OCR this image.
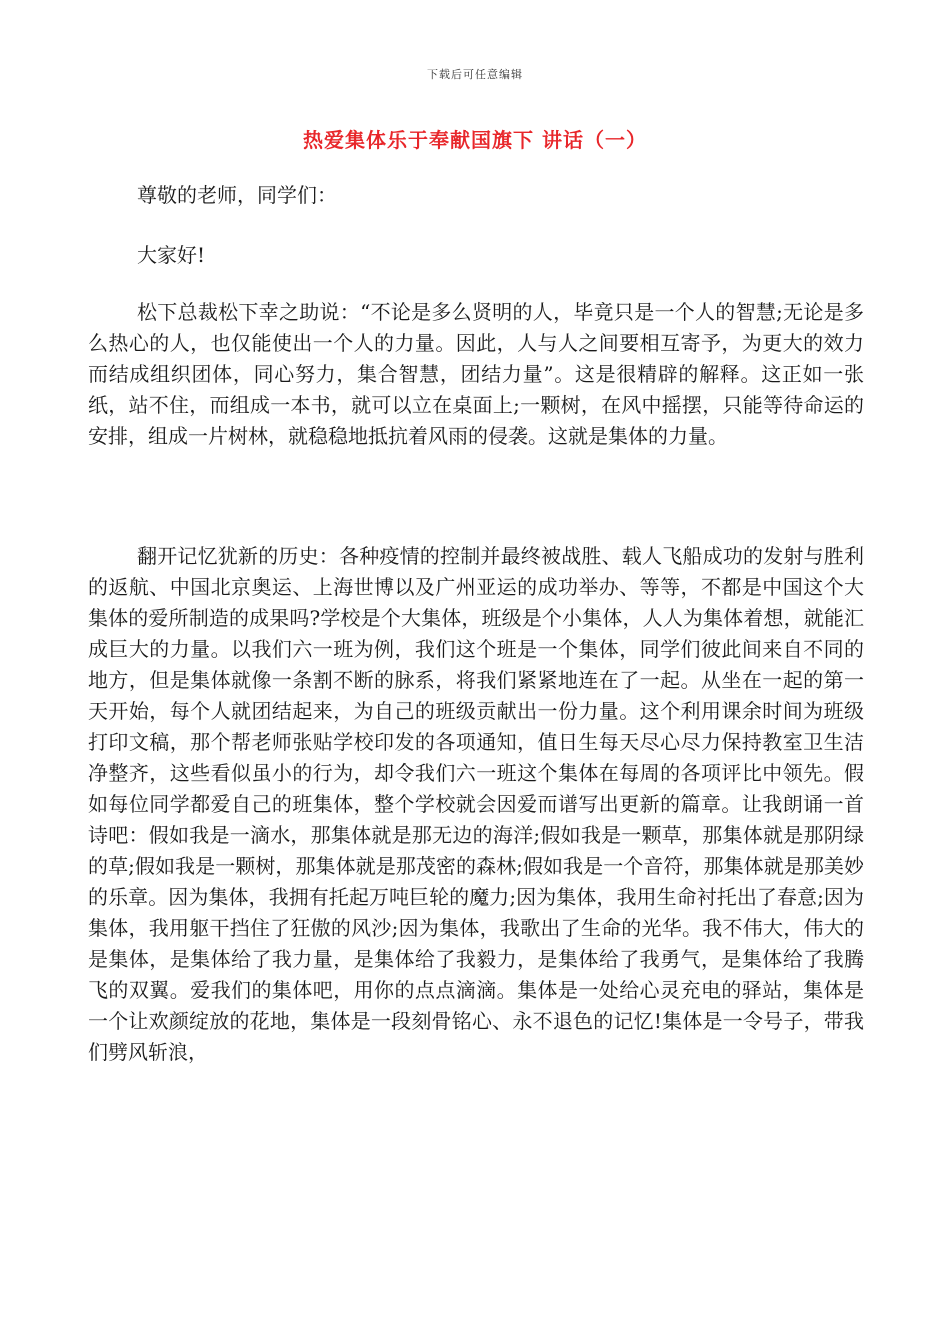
下载后可任意编辑
热爱集体乐于奉献国旗下 讲话（一）
尊敬的老师，同学们：
大家好!
松下总裁松下幸之助说：“不论是多么贤明的人，毕竟只是一个人的智慧;无论是多么热心的人，也仅能使出一个人的力量。因此，人与人之间要相互寄予，为更大的效力而结成组织团体，同心努力，集合智慧，团结力量”。这是很精辟的解释。这正如一张纸，站不住，而组成一本书，就可以立在桌面上;一颗树，在风中摇摆，只能等待命运的安排，组成一片树林，就稳稳地抵抗着风雨的侵袭。这就是集体的力量。
翻开记忆犹新的历史：各种疫情的控制并最终被战胜、载人飞船成功的发射与胜利的返航、中国北京奥运、上海世博以及广州亚运的成功举办、等等，不都是中国这个大集体的爱所制造的成果吗?学校是个大集体，班级是个小集体，人人为集体着想，就能汇成巨大的力量。以我们六一班为例，我们这个班是一个集体，同学们彼此间来自不同的地方，但是集体就像一条割不断的脉系，将我们紧紧地连在了一起。从坐在一起的第一天开始，每个人就团结起来，为自己的班级贡献出一份力量。这个利用课余时间为班级打印文稿，那个帮老师张贴学校印发的各项通知，值日生每天尽心尽力保持教室卫生洁净整齐，这些看似虽小的行为，却令我们六一班这个集体在每周的各项评比中领先。假如每位同学都爱自己的班集体，整个学校就会因爱而谱写出更新的篇章。让我朗诵一首诗吧：假如我是一滴水，那集体就是那无边的海洋;假如我是一颗草，那集体就是那阴绿的草;假如我是一颗树，那集体就是那茂密的森林;假如我是一个音符，那集体就是那美妙的乐章。因为集体，我拥有托起万吨巨轮的魔力;因为集体，我用生命衬托出了春意;因为集体，我用躯干挡住了狂傲的风沙;因为集体，我歌出了生命的光华。我不伟大，伟大的是集体，是集体给了我力量，是集体给了我毅力，是集体给了我勇气，是集体给了我腾飞的双翼。爱我们的集体吧，用你的点点滴滴。集体是一处给心灵充电的驿站，集体是一个让欢颜绽放的花地，集体是一段刻骨铭心、永不退色的记忆!集体是一令号子，带我们劈风斩浪，
